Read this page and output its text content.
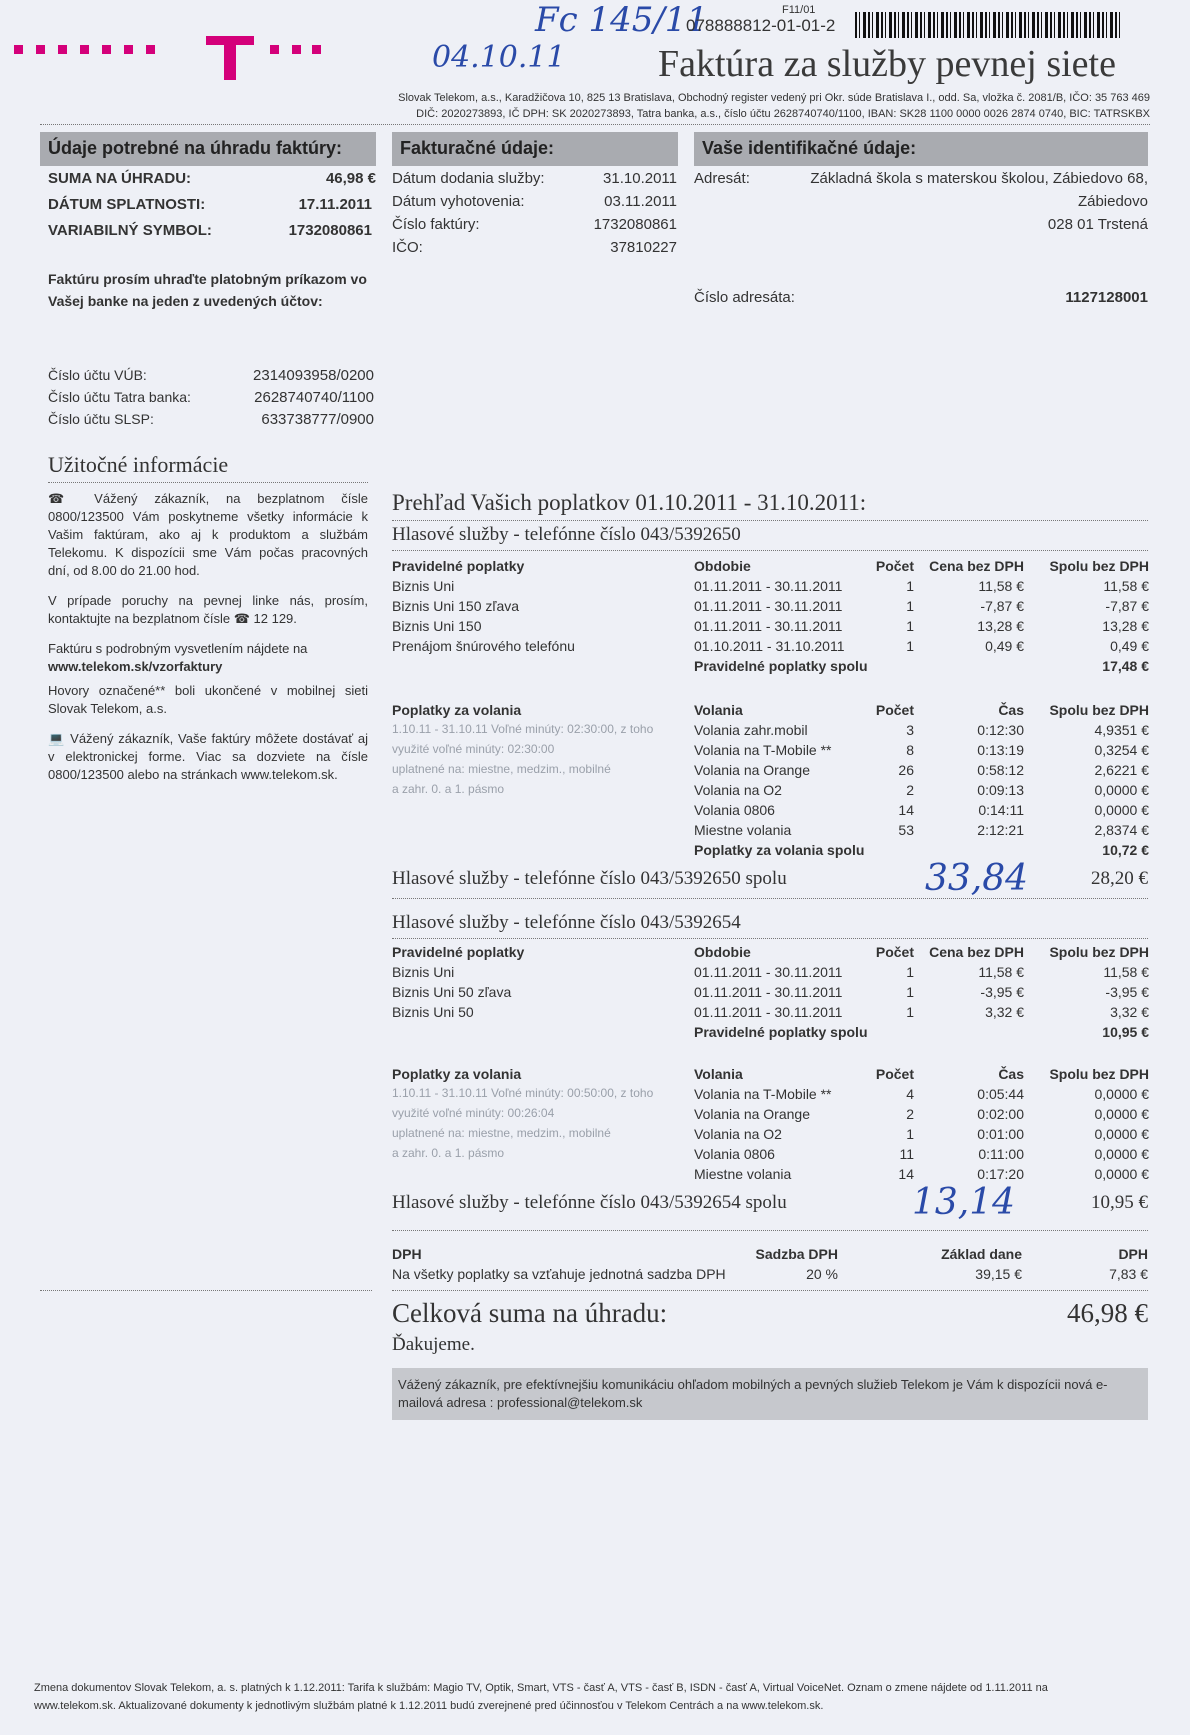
Fc 145/11
04.10.11
F11/01
078888812-01-01-2
Faktúra za služby pevnej siete
Slovak Telekom, a.s., Karadžičova 10, 825 13 Bratislava, Obchodný register vedený pri Okr. súde Bratislava I., odd. Sa, vložka č. 2081/B, IČO: 35 763 469
DIČ: 2020273893, IČ DPH: SK 2020273893, Tatra banka, a.s., číslo účtu 2628740740/1100, IBAN: SK28 1100 0000 0026 2874 0740, BIC: TATRSKBX
Údaje potrebné na úhradu faktúry:
SUMA NA ÚHRADU:	46,98 €
DÁTUM SPLATNOSTI:	17.11.2011
VARIABILNÝ SYMBOL:	1732080861
Faktúru prosím uhraďte platobným príkazom vo Vašej banke na jeden z uvedených účtov:
Číslo účtu VÚB:	2314093958/0200
Číslo účtu Tatra banka:	2628740740/1100
Číslo účtu SLSP:	633738777/0900
Užitočné informácie
☎ Vážený zákazník, na bezplatnom čísle 0800/123500 Vám poskytneme všetky informácie k Vašim faktúram, ako aj k produktom a službám Telekomu. K dispozícii sme Vám počas pracovných dní, od 8.00 do 21.00 hod.
V prípade poruchy na pevnej linke nás, prosím, kontaktujte na bezplatnom čísle ☎ 12 129.
Faktúru s podrobným vysvetlením nájdete na
www.telekom.sk/vzorfaktury
Hovory označené** boli ukončené v mobilnej sieti Slovak Telekom, a.s.
💻 Vážený zákazník, Vaše faktúry môžete dostávať aj v elektronickej forme. Viac sa dozviete na čísle 0800/123500 alebo na stránkach www.telekom.sk.
Fakturačné údaje:
Dátum dodania služby:	31.10.2011
Dátum vyhotovenia:	03.11.2011
Číslo faktúry:	1732080861
IČO:	37810227
Vaše identifikačné údaje:
Adresát:	Základná škola s materskou školou, Zábiedovo 68,
Zábiedovo
028 01 Trstená
Číslo adresáta:	1127128001
Prehľad Vašich poplatkov 01.10.2011 - 31.10.2011:
Hlasové služby - telefónne číslo 043/5392650
Pravidelné poplatky	Obdobie	Počet	Cena bez DPH	Spolu bez DPH
Biznis Uni	01.11.2011 - 30.11.2011	1	11,58 €	11,58 €
Biznis Uni 150 zľava	01.11.2011 - 30.11.2011	1	-7,87 €	-7,87 €
Biznis Uni 150	01.11.2011 - 30.11.2011	1	13,28 €	13,28 €
Prenájom šnúrového telefónu	01.10.2011 - 31.10.2011	1	0,49 €	0,49 €
	Pravidelné poplatky spolu			17,48 €
Poplatky za volania	Volania	Počet	Čas	Spolu bez DPH
1.10.11 - 31.10.11 Voľné minúty: 02:30:00, z toho	Volania zahr.mobil	3	0:12:30	4,9351 €
využité voľné minúty: 02:30:00	Volania na T-Mobile **	8	0:13:19	0,3254 €
uplatnené na: miestne, medzim., mobilné	Volania na Orange	26	0:58:12	2,6221 €
a zahr. 0. a 1. pásmo	Volania na O2	2	0:09:13	0,0000 €
	Volania 0806	14	0:14:11	0,0000 €
	Miestne volania	53	2:12:21	2,8374 €
	Poplatky za volania spolu			10,72 €
Hlasové služby - telefónne číslo 043/5392650 spolu	28,20 €
33,84
Hlasové služby - telefónne číslo 043/5392654
Pravidelné poplatky	Obdobie	Počet	Cena bez DPH	Spolu bez DPH
Biznis Uni	01.11.2011 - 30.11.2011	1	11,58 €	11,58 €
Biznis Uni 50 zľava	01.11.2011 - 30.11.2011	1	-3,95 €	-3,95 €
Biznis Uni 50	01.11.2011 - 30.11.2011	1	3,32 €	3,32 €
	Pravidelné poplatky spolu			10,95 €
Poplatky za volania	Volania	Počet	Čas	Spolu bez DPH
1.10.11 - 31.10.11 Voľné minúty: 00:50:00, z toho	Volania na T-Mobile **	4	0:05:44	0,0000 €
využité voľné minúty: 00:26:04	Volania na Orange	2	0:02:00	0,0000 €
uplatnené na: miestne, medzim., mobilné	Volania na O2	1	0:01:00	0,0000 €
a zahr. 0. a 1. pásmo	Volania 0806	11	0:11:00	0,0000 €
	Miestne volania	14	0:17:20	0,0000 €
Hlasové služby - telefónne číslo 043/5392654 spolu	10,95 €
13,14
DPH	Sadzba DPH	Základ dane	DPH
Na všetky poplatky sa vzťahuje jednotná sadzba DPH	20 %	39,15 €	7,83 €
Celková suma na úhradu:	46,98 €
Ďakujeme.
Vážený zákazník, pre efektívnejšiu komunikáciu ohľadom mobilných a pevných služieb Telekom je Vám k dispozícii nová e-mailová adresa : professional@telekom.sk
Zmena dokumentov Slovak Telekom, a. s. platných k 1.12.2011: Tarifa k službám: Magio TV, Optik, Smart, VTS - časť A, VTS - časť B, ISDN - časť A, Virtual VoiceNet. Oznam o zmene nájdete od 1.11.2011 na
www.telekom.sk. Aktualizované dokumenty k jednotlivým službám platné k 1.12.2011 budú zverejnené pred účinnosťou v Telekom Centrách a na www.telekom.sk.
